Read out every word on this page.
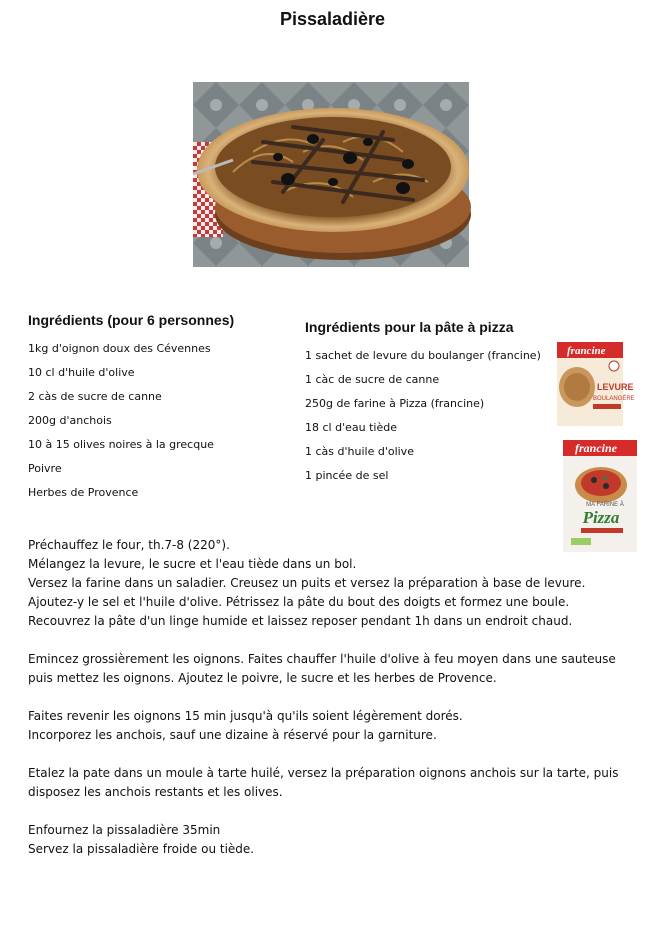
Pissaladière
Ingrédients (pour 6 personnes)
1kg d'oignon doux des Cévennes
10 cl d'huile d'olive
2 càs de sucre de canne
200g d'anchois
10 à 15 olives noires à la grecque
Poivre
Herbes de Provence
Ingrédients pour la pâte à pizza
1 sachet de levure du boulanger (francine)
1 càc de sucre de canne
250g de farine à Pizza (francine)
18 cl d'eau tiède
1 càs d'huile d'olive
1 pincée de sel
francine
LEVURE
BOULANGÈRE
francine
MA FARINE À
Pizza

Préchauffez le four, th.7-8 (220°).

Mélangez la levure, le sucre et l'eau tiède dans un bol.

Versez la farine dans un saladier. Creusez un puits et versez la préparation à base de levure. Ajoutez-y le sel et l'huile d'olive. Pétrissez la pâte du bout des doigts et formez une boule.

Recouvrez la pâte d'un linge humide et laissez reposer pendant 1h dans un endroit chaud.

Emincez grossièrement les oignons. Faites chauffer l'huile d'olive à feu moyen dans une sauteuse puis mettez les oignons. Ajoutez le poivre, le sucre et les herbes de Provence.

Faites revenir les oignons 15 min jusqu'à qu'ils soient légèrement dorés.

Incorporez les anchois, sauf une dizaine à réservé pour la garniture.

Etalez la pate dans un moule à tarte huilé, versez la préparation oignons anchois sur la tarte, puis disposez les anchois restants et les olives.

Enfournez la pissaladière 35min

Servez la pissaladière froide ou tiède.
